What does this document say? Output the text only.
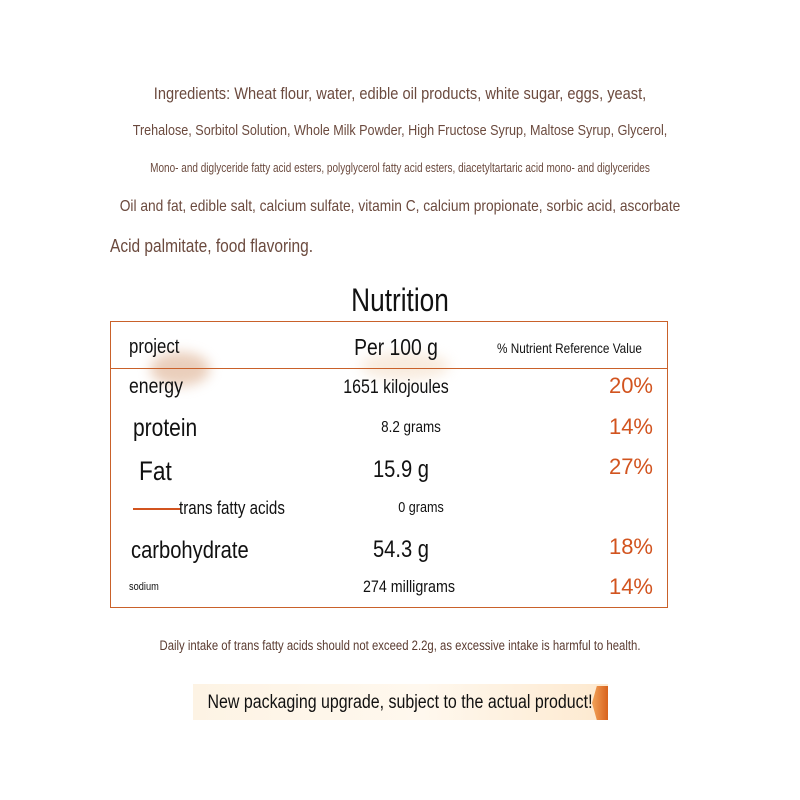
Ingredients: Wheat flour, water, edible oil products, white sugar, eggs, yeast,
Trehalose, Sorbitol Solution, Whole Milk Powder, High Fructose Syrup, Maltose Syrup, Glycerol,
Mono- and diglyceride fatty acid esters, polyglycerol fatty acid esters, diacetyltartaric acid mono- and diglycerides
Oil and fat, edible salt, calcium sulfate, vitamin C, calcium propionate, sorbic acid, ascorbate
Acid palmitate, food flavoring.
Nutrition
project	Per 100 g	% Nutrient Reference Value
energy	1651 kilojoules	20%
protein	8.2 grams	14%
Fat	15.9 g	27%
trans fatty acids	0 grams
carbohydrate	54.3 g	18%
sodium	274 milligrams	14%
Daily intake of trans fatty acids should not exceed 2.2g, as excessive intake is harmful to health.
New packaging upgrade, subject to the actual product!
